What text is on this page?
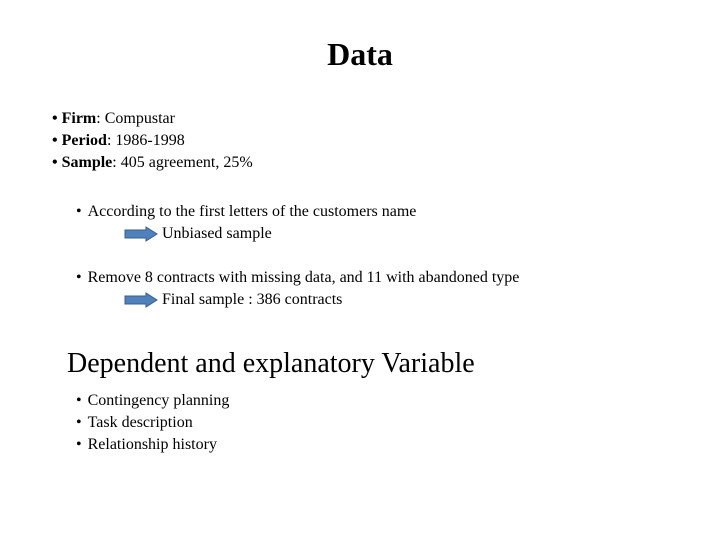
Data
• Firm: Compustar
• Period: 1986-1998
• Sample: 405 agreement, 25%
• According to the first letters of the customers name
Unbiased sample
• Remove 8 contracts with missing data, and 11 with abandoned type
Final sample : 386 contracts
Dependent and explanatory Variable
• Contingency planning
• Task description
• Relationship history
